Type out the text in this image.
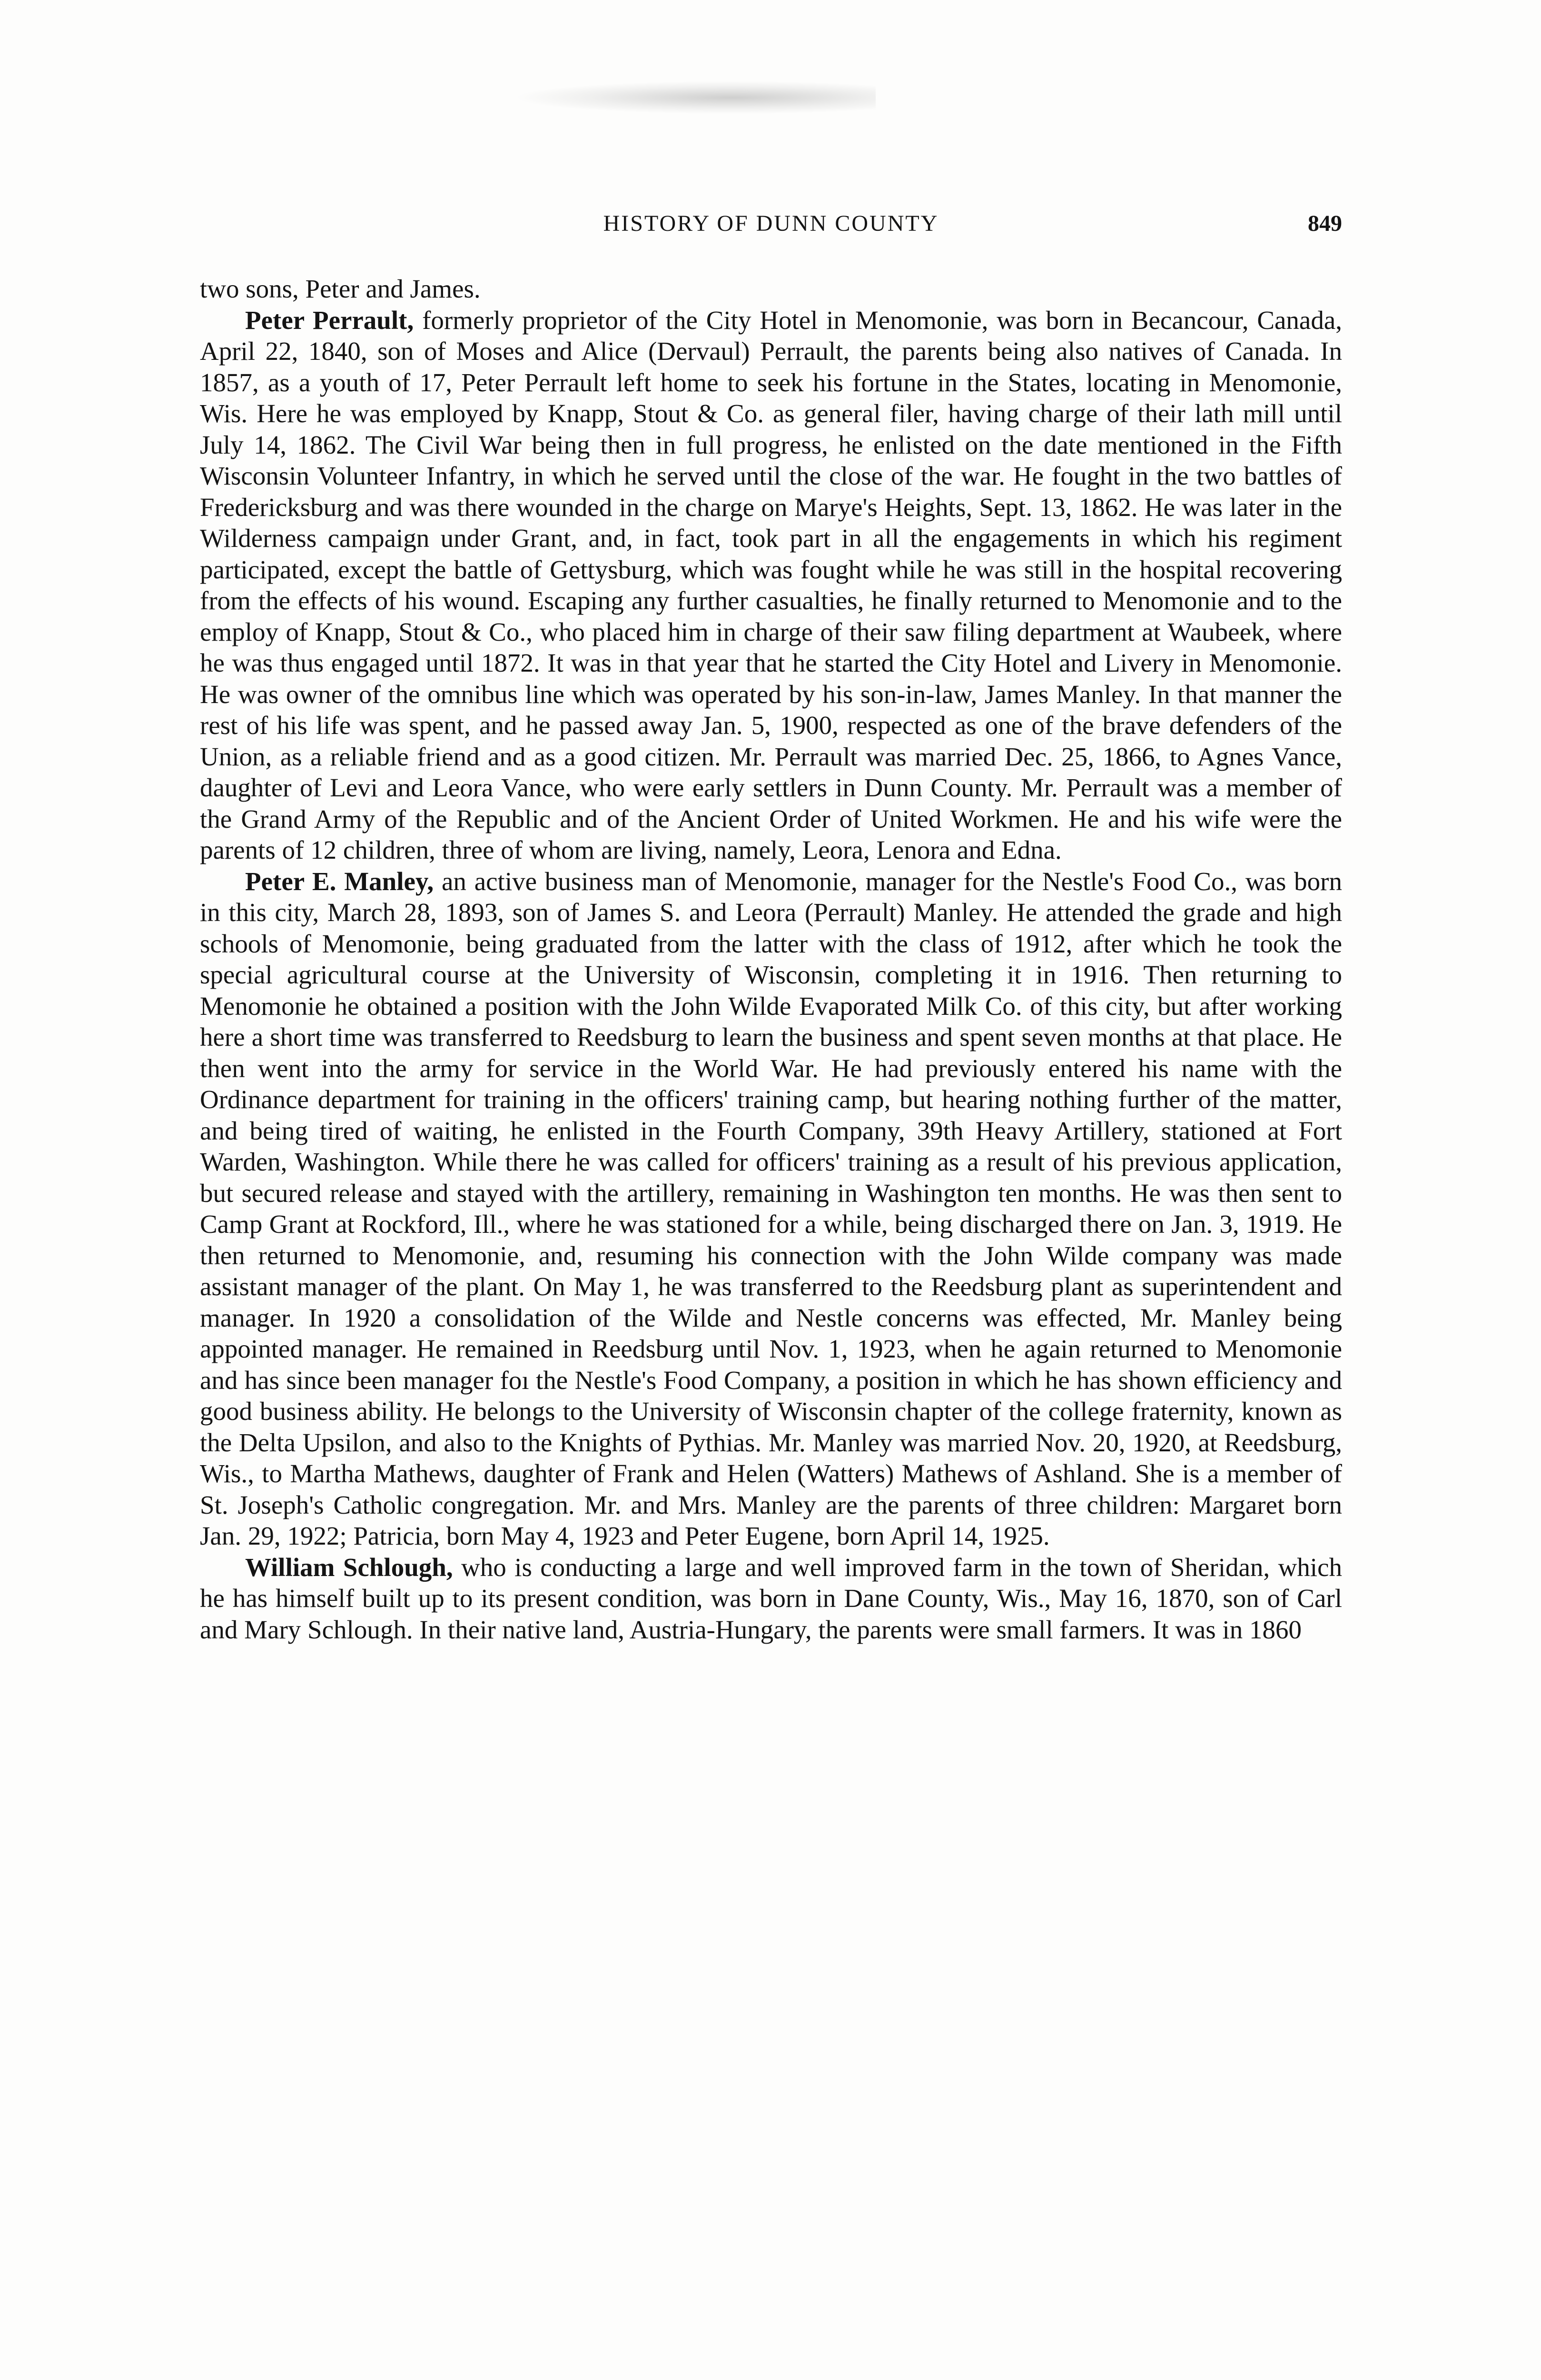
HISTORY OF DUNN COUNTY	849

two sons, Peter and James.

Peter Perrault, formerly proprietor of the City Hotel in Menomonie, was born in Becancour, Canada, April 22, 1840, son of Moses and Alice (Dervaul) Perrault, the parents being also natives of Canada. In 1857, as a youth of 17, Peter Perrault left home to seek his fortune in the States, locating in Menomonie, Wis. Here he was employed by Knapp, Stout & Co. as general filer, having charge of their lath mill until July 14, 1862. The Civil War being then in full progress, he enlisted on the date mentioned in the Fifth Wisconsin Volunteer Infantry, in which he served until the close of the war. He fought in the two battles of Fredericksburg and was there wounded in the charge on Marye's Heights, Sept. 13, 1862. He was later in the Wilderness campaign under Grant, and, in fact, took part in all the engagements in which his regiment participated, except the battle of Gettysburg, which was fought while he was still in the hospital recovering from the effects of his wound. Escaping any further casualties, he finally returned to Menomonie and to the employ of Knapp, Stout & Co., who placed him in charge of their saw filing department at Waubeek, where he was thus engaged until 1872. It was in that year that he started the City Hotel and Livery in Menomonie. He was owner of the omnibus line which was operated by his son-in-law, James Manley. In that manner the rest of his life was spent, and he passed away Jan. 5, 1900, respected as one of the brave defenders of the Union, as a reliable friend and as a good citizen. Mr. Perrault was married Dec. 25, 1866, to Agnes Vance, daughter of Levi and Leora Vance, who were early settlers in Dunn County. Mr. Perrault was a member of the Grand Army of the Republic and of the Ancient Order of United Workmen. He and his wife were the parents of 12 children, three of whom are living, namely, Leora, Lenora and Edna.

Peter E. Manley, an active business man of Menomonie, manager for the Nestle's Food Co., was born in this city, March 28, 1893, son of James S. and Leora (Perrault) Manley. He attended the grade and high schools of Menomonie, being graduated from the latter with the class of 1912, after which he took the special agricultural course at the University of Wisconsin, completing it in 1916. Then returning to Menomonie he obtained a position with the John Wilde Evaporated Milk Co. of this city, but after working here a short time was transferred to Reedsburg to learn the business and spent seven months at that place. He then went into the army for service in the World War. He had previously entered his name with the Ordinance department for training in the officers' training camp, but hearing nothing further of the matter, and being tired of waiting, he enlisted in the Fourth Company, 39th Heavy Artillery, stationed at Fort Warden, Washington. While there he was called for officers' training as a result of his previous application, but secured release and stayed with the artillery, remaining in Washington ten months. He was then sent to Camp Grant at Rockford, Ill., where he was stationed for a while, being discharged there on Jan. 3, 1919. He then returned to Menomonie, and, resuming his connection with the John Wilde company was made assistant manager of the plant. On May 1, he was transferred to the Reedsburg plant as superintendent and manager. In 1920 a consolidation of the Wilde and Nestle concerns was effected, Mr. Manley being appointed manager. He remained in Reedsburg until Nov. 1, 1923, when he again returned to Menomonie and has since been manager foı the Nestle's Food Company, a position in which he has shown efficiency and good business ability. He belongs to the University of Wisconsin chapter of the college fraternity, known as the Delta Upsilon, and also to the Knights of Pythias. Mr. Manley was married Nov. 20, 1920, at Reedsburg, Wis., to Martha Mathews, daughter of Frank and Helen (Watters) Mathews of Ashland. She is a member of St. Joseph's Catholic congregation. Mr. and Mrs. Manley are the parents of three children: Margaret born Jan. 29, 1922; Patricia, born May 4, 1923 and Peter Eugene, born April 14, 1925.

William Schlough, who is conducting a large and well improved farm in the town of Sheridan, which he has himself built up to its present condition, was born in Dane County, Wis., May 16, 1870, son of Carl and Mary Schlough. In their native land, Austria-Hungary, the parents were small farmers. It was in 1860
